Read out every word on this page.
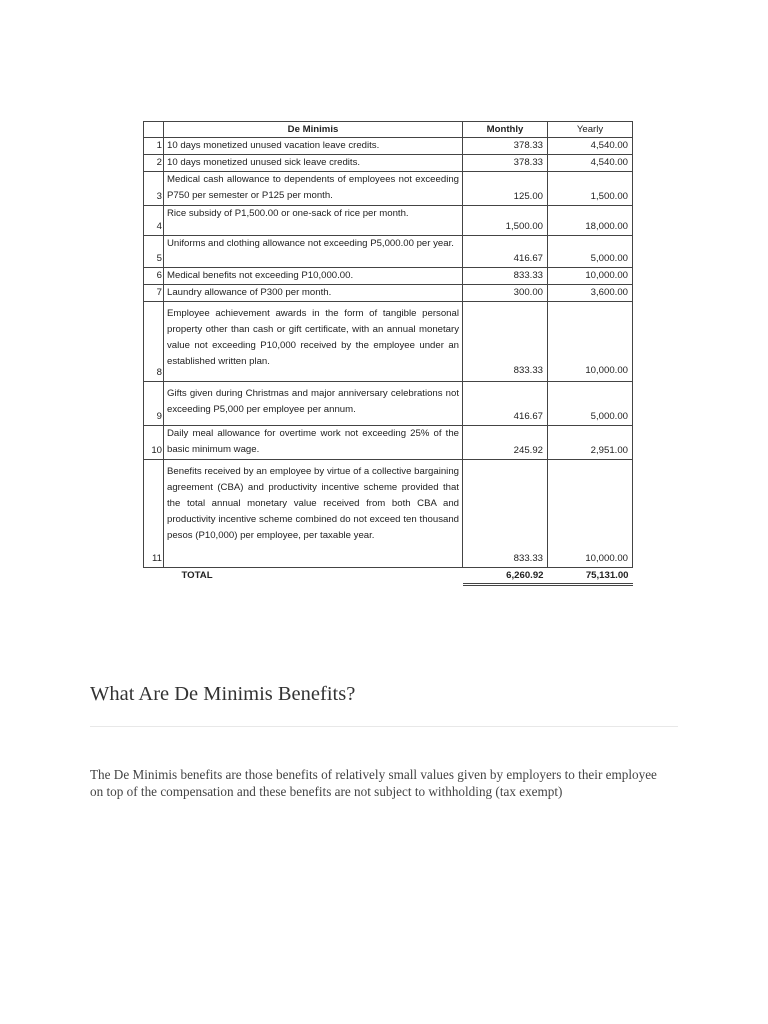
	De Minimis	Monthly	Yearly
1	10 days monetized unused vacation leave credits.	378.33	4,540.00
2	10 days monetized unused sick leave credits.	378.33	4,540.00
3	Medical cash allowance to dependents of employees not exceeding P750 per semester or P125 per month.	125.00	1,500.00
4	Rice subsidy of P1,500.00 or one-sack of rice per month.	1,500.00	18,000.00
5	Uniforms and clothing allowance not exceeding P5,000.00 per year.	416.67	5,000.00
6	Medical benefits not exceeding P10,000.00.	833.33	10,000.00
7	Laundry allowance of P300 per month.	300.00	3,600.00
8	Employee achievement awards in the form of tangible personal property other than cash or gift certificate, with an annual monetary value not exceeding P10,000 received by the employee under an established written plan.	833.33	10,000.00
9	Gifts given during Christmas and major anniversary celebrations not exceeding P5,000 per employee per annum.	416.67	5,000.00
10	Daily meal allowance for overtime work not exceeding 25% of the basic minimum wage.	245.92	2,951.00
11	Benefits received by an employee by virtue of a collective bargaining agreement (CBA) and productivity incentive scheme provided that the total annual monetary value received from both CBA and productivity incentive scheme combined do not exceed ten thousand pesos (P10,000) per employee, per taxable year.	833.33	10,000.00
	TOTAL	6,260.92	75,131.00
What Are De Minimis Benefits?

The De Minimis benefits are those benefits of relatively small values given by employers to their employee on top of the compensation and these benefits are not subject to withholding (tax exempt)
